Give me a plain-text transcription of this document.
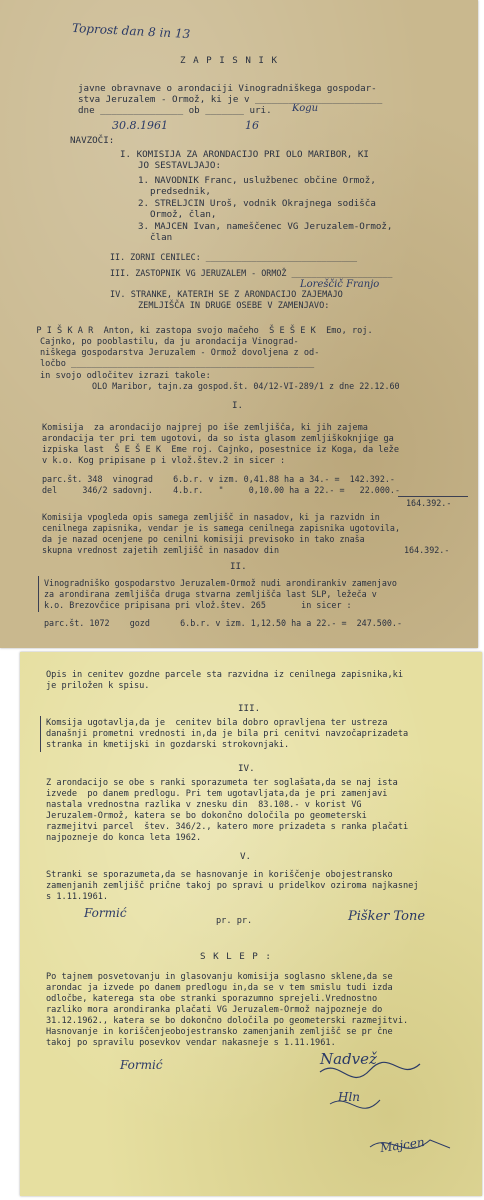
Toprost dan 8 in 13
Z A P I S N I K
javne obravnave o arondaciji Vinogradniškega gospodar-
stva Jeruzalem - Ormož, ki je v _______________________
dne _______________ ob _______ uri. Kogu
30.8.1961	16
NAVZOČI:
I. KOMISIJA ZA ARONDACIJO PRI OLO MARIBOR, KI
JO SESTAVLJAJO:
1. NAVODNIK Franc, uslužbenec občine Ormož,
predsednik,
2. STRELJCIN Uroš, vodnik Okrajnega sodišča
Ormož, član,
3. MAJCEN Ivan, nameščenec VG Jeruzalem-Ormož,
član
II. ZORNI CENILEC: ______________________________
III. ZASTOPNIK VG JERUZALEM - ORMOŽ ____________________
Loreščič Franjo
IV. STRANKE, KATERIH SE Z ARONDACIJO ZAJEMAJO
ZEMLJIŠČA IN DRUGE OSEBE V ZAMENJAVO:
P I Š K A R  Anton, ki zastopa svojo mačeho  Š E Š E K  Emo, roj.
Cajnko, po pooblastilu, da ju arondacija Vinograd-
niškega gospodarstva Jeruzalem - Ormož dovoljena z od-
ločbo _______________________________________________
in svojo odločitev izrazi takole:
OLO Maribor, tajn.za gospod.št. 04/12-VI-289/1 z dne 22.12.60
I.
Komisija  za arondacijo najprej po iše zemljišča, ki jih zajema
arondacija ter pri tem ugotovi, da so ista glasom zemljiškoknjige ga
izpiska last  Š E Š E K  Eme roj. Cajnko, posestnice iz Koga, da leže
v k.o. Kog pripisane p i vlož.štev.2 in sicer :
parc.št. 348  vinograd    6.b.r. v izm. 0,41.88 ha a 34.- =  142.392.-
del     346/2 sadovnj.    4.b.r.   "     0,10.00 ha a 22.- =   22.000.-
164.392.-
Komisija vpogleda opis samega zemljišč in nasadov, ki ja razvidn in
cenilnega zapisnika, vendar je is samega cenilnega zapisnika ugotovila,
da je nazad ocenjene po cenilni komisiji previsoko in tako znaša
skupna vrednost zajetih zemljišč in nasadov din	164.392.-
II.
Vinogradniško gospodarstvo Jeruzalem-Ormož nudi arondirankiv zamenjavo
za arondirana zemljišča druga stvarna zemljišča last SLP, ležeča v
k.o. Brezovčice pripisana pri vlož.štev. 265       in sicer :
parc.št. 1072    gozd      6.b.r. v izm. 1,12.50 ha a 22.- =  247.500.-
Opis in cenitev gozdne parcele sta razvidna iz cenilnega zapisnika,ki
je priložen k spisu.
III.
Komsija ugotavlja,da je  cenitev bila dobro opravljena ter ustreza
današnji prometni vrednosti in,da je bila pri cenitvi navzočaprizadeta
stranka in kmetijski in gozdarski strokovnjaki.
IV.
Z arondacijo se obe s ranki sporazumeta ter soglašata,da se naj ista
izvede  po danem predlogu. Pri tem ugotavljata,da je pri zamenjavi
nastala vrednostna razlika v znesku din  83.108.- v korist VG
Jeruzalem-Ormož, katera se bo dokončno določila po geometerski
razmejitvi parcel  štev. 346/2., katero more prizadeta s ranka plačati
najpozneje do konca leta 1962.
V.
Stranki se sporazumeta,da se hasnovanje in koriščenje obojestransko
zamenjanih zemljišč prične takoj po spravi u pridelkov oziroma najkasnej
s 1.11.1961.
Formić
pr. pr.	Pišker Tone
S K L E P :
Po tajnem posvetovanju in glasovanju komisija soglasno sklene,da se
arondac ja izvede po danem predlogu in,da se v tem smislu tudi izda
odločbe, katerega sta obe stranki sporazumno sprejeli.Vrednostno
razliko mora arondiranka plačati VG Jeruzalem-Ormož najpozneje do
31.12.1962., katera se bo dokončno določila po geometerski razmejitvi.
Hasnovanje in koriščenjeobojestransko zamenjanih zemljišč se pr čne
takoj po spravilu posevkov vendar nakasneje s 1.11.1961.
Formić	Nadvež
Hln
Majcen
